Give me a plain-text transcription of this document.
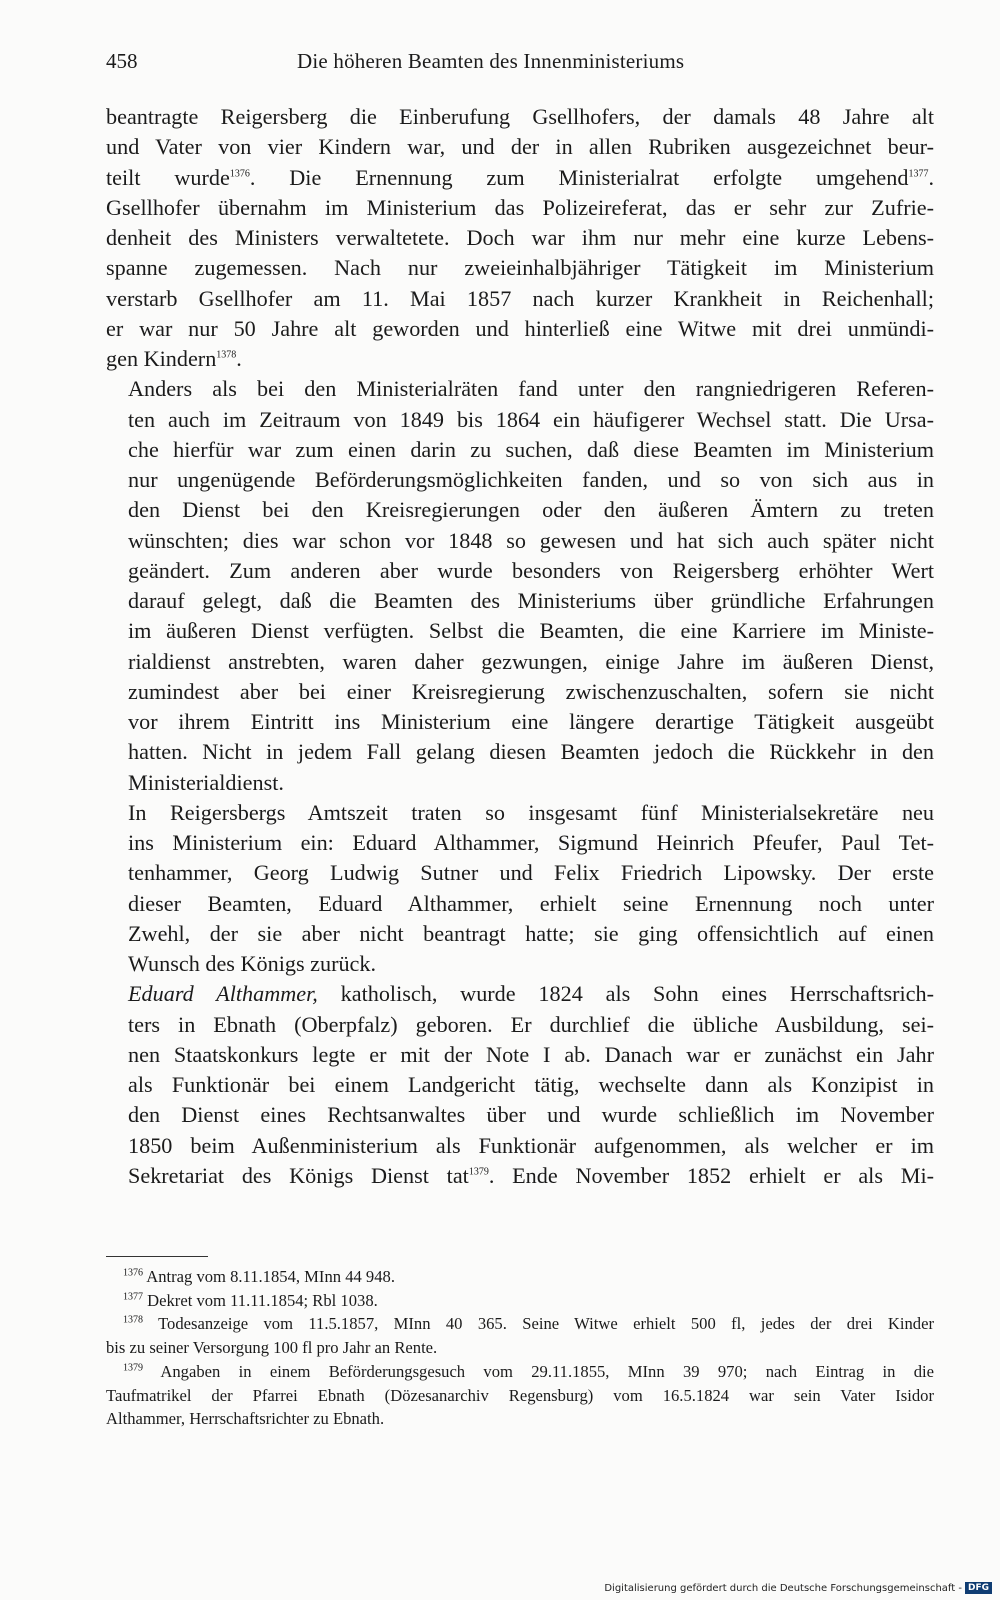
458	Die höheren Beamten des Innenministeriums

beantragte Reigersberg die Einberufung Gsellhofers, der damals 48 Jahre alt
und Vater von vier Kindern war, und der in allen Rubriken ausgezeichnet beur-
teilt wurde$^{1376}$. Die Ernennung zum Ministerialrat erfolgte umgehend$^{1377}$.
Gsellhofer übernahm im Ministerium das Polizeireferat, das er sehr zur Zufrie-
denheit des Ministers verwaltetete. Doch war ihm nur mehr eine kurze Lebens-
spanne zugemessen. Nach nur zweieinhalbjähriger Tätigkeit im Ministerium
verstarb Gsellhofer am 11. Mai 1857 nach kurzer Krankheit in Reichenhall;
er war nur 50 Jahre alt geworden und hinterließ eine Witwe mit drei unmündi-
gen Kindern$^{1378}$.

Anders als bei den Ministerialräten fand unter den rangniedrigeren Referen-
ten auch im Zeitraum von 1849 bis 1864 ein häufigerer Wechsel statt. Die Ursa-
che hierfür war zum einen darin zu suchen, daß diese Beamten im Ministerium
nur ungenügende Beförderungsmöglichkeiten fanden, und so von sich aus in
den Dienst bei den Kreisregierungen oder den äußeren Ämtern zu treten
wünschten; dies war schon vor 1848 so gewesen und hat sich auch später nicht
geändert. Zum anderen aber wurde besonders von Reigersberg erhöhter Wert
darauf gelegt, daß die Beamten des Ministeriums über gründliche Erfahrungen
im äußeren Dienst verfügten. Selbst die Beamten, die eine Karriere im Ministe-
rialdienst anstrebten, waren daher gezwungen, einige Jahre im äußeren Dienst,
zumindest aber bei einer Kreisregierung zwischenzuschalten, sofern sie nicht
vor ihrem Eintritt ins Ministerium eine längere derartige Tätigkeit ausgeübt
hatten. Nicht in jedem Fall gelang diesen Beamten jedoch die Rückkehr in den
Ministerialdienst.

In Reigersbergs Amtszeit traten so insgesamt fünf Ministerialsekretäre neu
ins Ministerium ein: Eduard Althammer, Sigmund Heinrich Pfeufer, Paul Tet-
tenhammer, Georg Ludwig Sutner und Felix Friedrich Lipowsky. Der erste
dieser Beamten, Eduard Althammer, erhielt seine Ernennung noch unter
Zwehl, der sie aber nicht beantragt hatte; sie ging offensichtlich auf einen
Wunsch des Königs zurück.

Eduard Althammer, katholisch, wurde 1824 als Sohn eines Herrschaftsrich-
ters in Ebnath (Oberpfalz) geboren. Er durchlief die übliche Ausbildung, sei-
nen Staatskonkurs legte er mit der Note I ab. Danach war er zunächst ein Jahr
als Funktionär bei einem Landgericht tätig, wechselte dann als Konzipist in
den Dienst eines Rechtsanwaltes über und wurde schließlich im November
1850 beim Außenministerium als Funktionär aufgenommen, als welcher er im
Sekretariat des Königs Dienst tat$^{1379}$. Ende November 1852 erhielt er als Mi-

$^{1376}$ Antrag vom 8.11.1854, MInn 44 948.
$^{1377}$ Dekret vom 11.11.1854; Rbl 1038.
$^{1378}$ Todesanzeige vom 11.5.1857, MInn 40 365. Seine Witwe erhielt 500 fl, jedes der drei Kinder
bis zu seiner Versorgung 100 fl pro Jahr an Rente.
$^{1379}$ Angaben in einem Beförderungsgesuch vom 29.11.1855, MInn 39 970; nach Eintrag in die
Taufmatrikel der Pfarrei Ebnath (Dözesanarchiv Regensburg) vom 16.5.1824 war sein Vater Isidor
Althammer, Herrschaftsrichter zu Ebnath.
Digitalisierung gefördert durch die Deutsche Forschungsgemeinschaft - DFG
